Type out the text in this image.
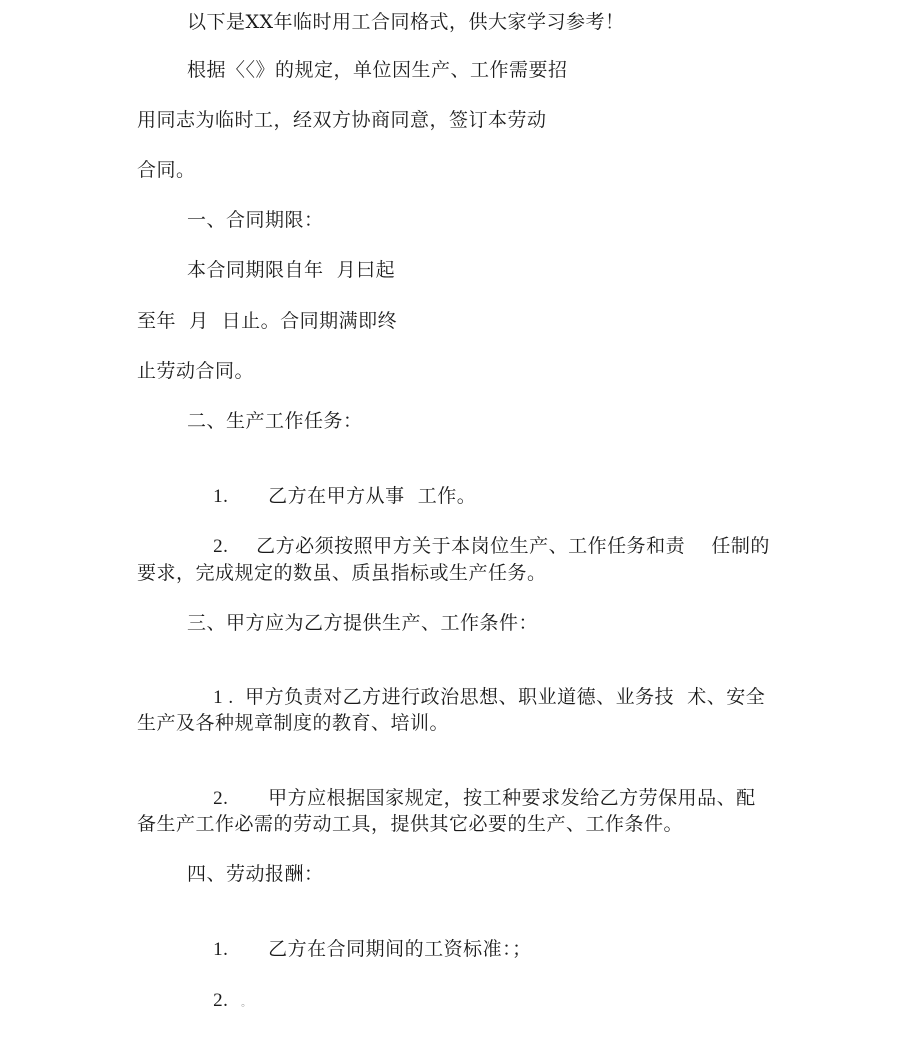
以下是XX年临时用工合同格式，供大家学习参考！
根据〈〈》的规定，单位因生产、工作需要招
用同志为临时工，经双方协商同意，签订本劳动
合同。
一、合同期限：
本合同期限自年  月曰起
至年  月  日止。合同期满即终
止劳动合同。
二、生产工作任务：

1. 乙方在甲方从事  工作。

2. 乙方必须按照甲方关于本岗位生产、工作任务和责    任制的

要求，完成规定的数虽、质虽指标或生产任务。
三、甲方应为乙方提供生产、工作条件：

1 . 甲方负责对乙方进行政治思想、职业道德、业务技  术、安全

生产及各种规章制度的教育、培训。

2. 甲方应根据国家规定，按工种要求发给乙方劳保用品、配

备生产工作必需的劳动工具，提供其它必要的生产、工作条件。
四、劳动报酬：

1. 乙方在合同期间的工资标准：；

2. 。
